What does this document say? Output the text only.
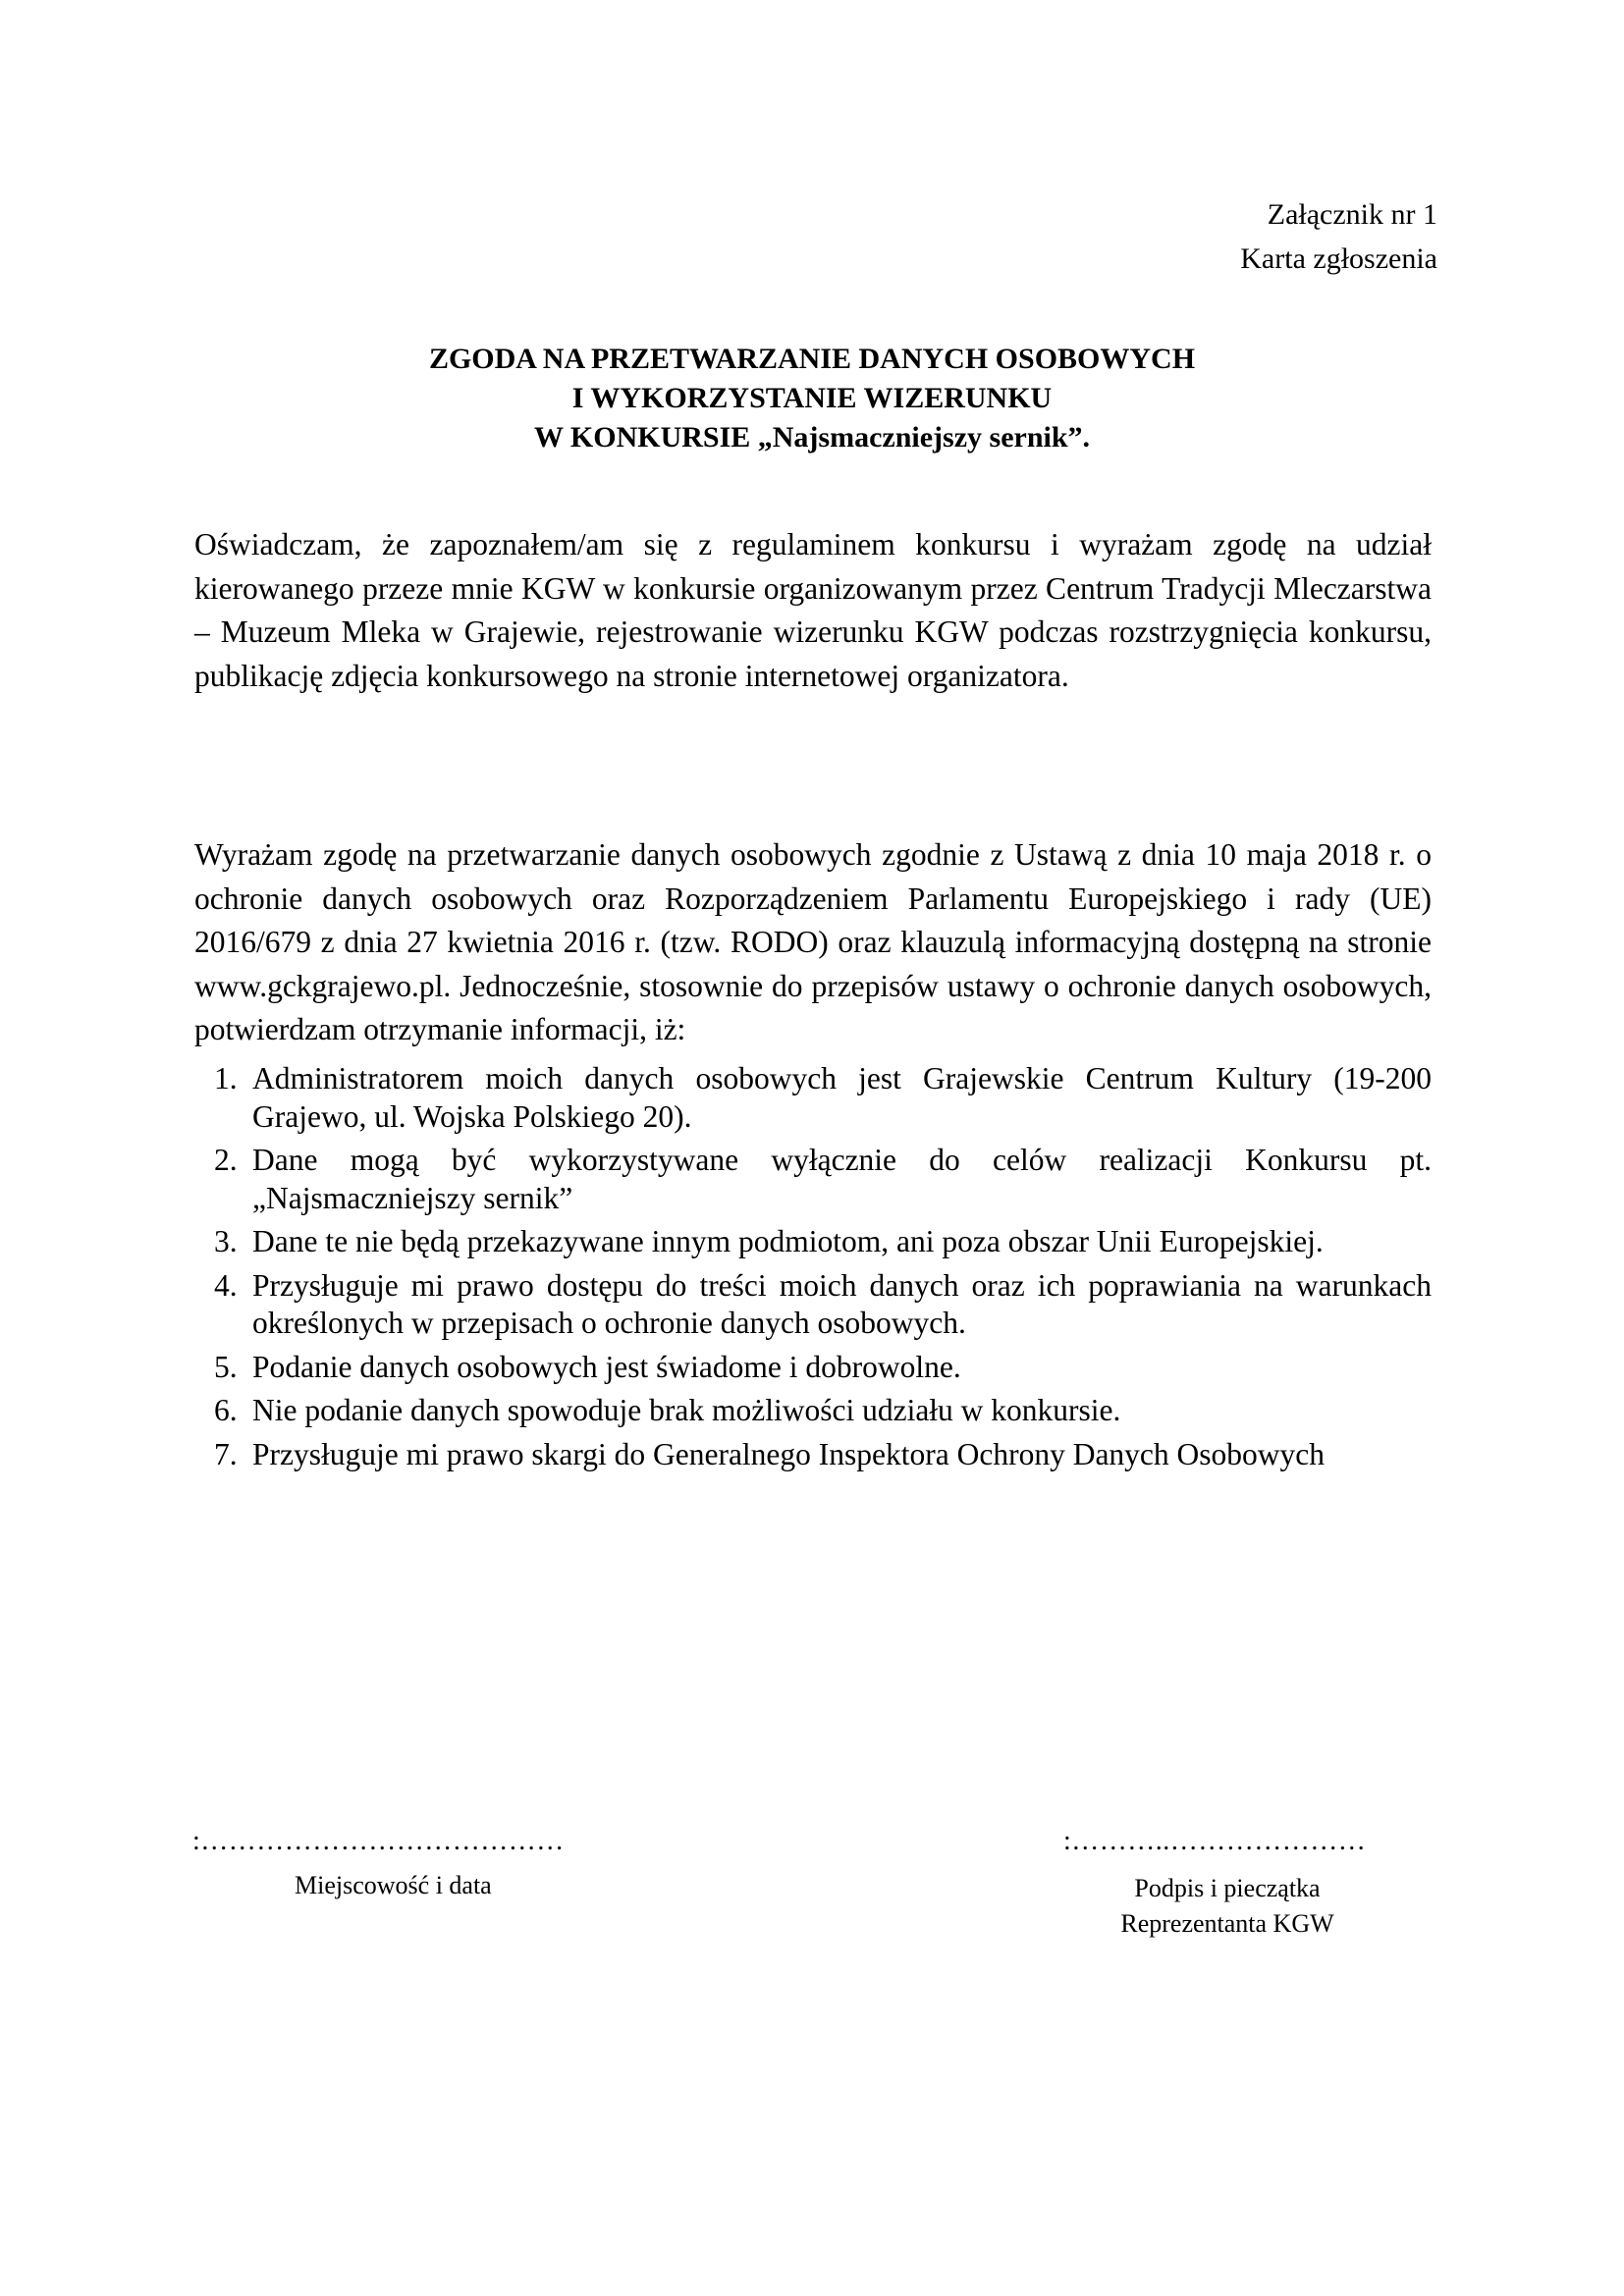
Załącznik nr 1
Karta zgłoszenia
ZGODA NA PRZETWARZANIE DANYCH OSOBOWYCH
I WYKORZYSTANIE WIZERUNKU
W KONKURSIE „Najsmaczniejszy sernik”.

Oświadczam, że zapoznałem/am się z regulaminem konkursu i wyrażam zgodę na udział kierowanego przeze mnie KGW w konkursie organizowanym przez Centrum Tradycji Mleczarstwa – Muzeum Mleka w Grajewie, rejestrowanie wizerunku KGW podczas rozstrzygnięcia konkursu, publikację zdjęcia konkursowego na stronie internetowej organizatora.

Wyrażam zgodę na przetwarzanie danych osobowych zgodnie z Ustawą z dnia 10 maja 2018 r. o ochronie danych osobowych oraz Rozporządzeniem Parlamentu Europejskiego i rady (UE) 2016/679 z dnia 27 kwietnia 2016 r. (tzw. RODO) oraz klauzulą informacyjną dostępną na stronie www.gckgrajewo.pl. Jednocześnie, stosownie do przepisów ustawy o ochronie danych osobowych, potwierdzam otrzymanie informacji, iż:

1. Administratorem moich danych osobowych jest Grajewskie Centrum Kultury (19-200 Grajewo, ul. Wojska Polskiego 20).
2. Dane mogą być wykorzystywane wyłącznie do celów realizacji Konkursu pt. „Najsmaczniejszy sernik”
3. Dane te nie będą przekazywane innym podmiotom, ani poza obszar Unii Europejskiej.
4. Przysługuje mi prawo dostępu do treści moich danych oraz ich poprawiania na warunkach określonych w przepisach o ochronie danych osobowych.
5. Podanie danych osobowych jest świadome i dobrowolne.
6. Nie podanie danych spowoduje brak możliwości udziału w konkursie.
7. Przysługuje mi prawo skargi do Generalnego Inspektora Ochrony Danych Osobowych
:…………………………………
Miejscowość i data
:………..…………………
Podpis i pieczątka
Reprezentanta KGW
